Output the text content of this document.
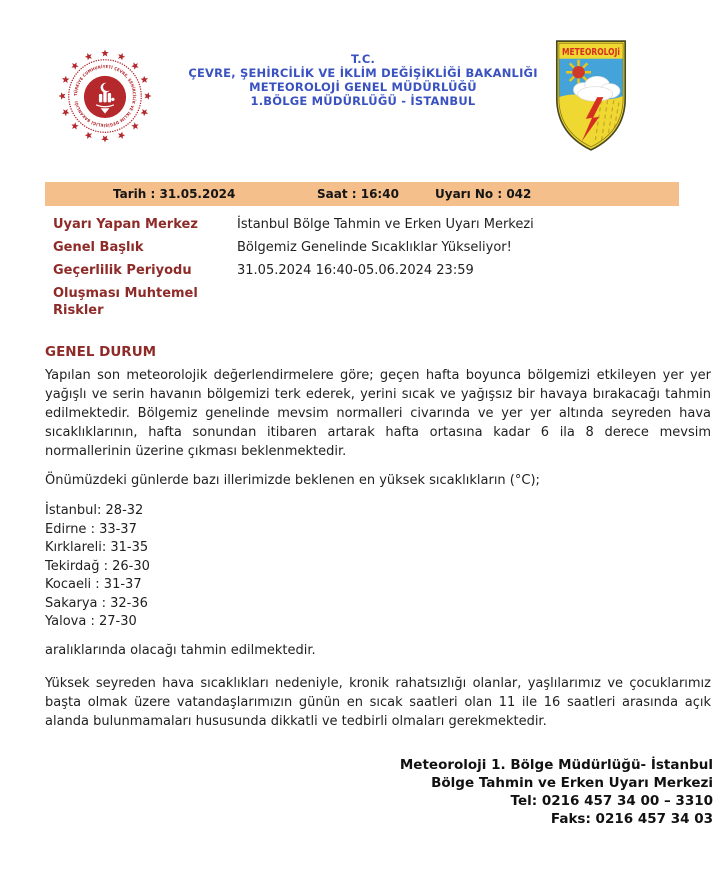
TÜRKİYE CUMHURİYETİ ÇEVRE, ŞEHİRCİLİK VE İKLİM DEĞİŞİKLİĞİ BAKANLIĞI
T.C.
ÇEVRE, ŞEHİRCİLİK VE İKLİM DEĞİŞİKLİĞİ BAKANLIĞI
METEOROLOJİ GENEL MÜDÜRLÜĞÜ
1.BÖLGE MÜDÜRLÜĞÜ - İSTANBUL
METEOROLOJi
Tarih : 31.05.2024	Saat : 16:40	Uyarı No : 042
Uyarı Yapan Merkez	İstanbul Bölge Tahmin ve Erken Uyarı Merkezi
Genel Başlık	Bölgemiz Genelinde Sıcaklıklar Yükseliyor!
Geçerlilik Periyodu	31.05.2024 16:40-05.06.2024 23:59
Oluşması Muhtemel Riskler
GENEL DURUM
Yapılan son meteorolojik değerlendirmelere göre; geçen hafta boyunca bölgemizi etkileyen yer yer yağışlı ve serin havanın bölgemizi terk ederek, yerini sıcak ve yağışsız bir havaya bırakacağı tahmin edilmektedir. Bölgemiz genelinde mevsim normalleri civarında ve yer yer altında seyreden hava sıcaklıklarının, hafta sonundan itibaren artarak hafta ortasına kadar 6 ila 8 derece mevsim normallerinin üzerine çıkması beklenmektedir.
Önümüzdeki günlerde bazı illerimizde beklenen en yüksek sıcaklıkların (°C);
İstanbul: 28-32
Edirne : 33-37
Kırklareli: 31-35
Tekirdağ : 26-30
Kocaeli : 31-37
Sakarya : 32-36
Yalova : 27-30
aralıklarında olacağı tahmin edilmektedir.
Yüksek seyreden hava sıcaklıkları nedeniyle, kronik rahatsızlığı olanlar, yaşlılarımız ve çocuklarımız başta olmak üzere vatandaşlarımızın günün en sıcak saatleri olan 11 ile 16 saatleri arasında açık alanda bulunmamaları hususunda dikkatli ve tedbirli olmaları gerekmektedir.
Meteoroloji 1. Bölge Müdürlüğü- İstanbul
Bölge Tahmin ve Erken Uyarı Merkezi
Tel: 0216 457 34 00 – 3310
Faks: 0216 457 34 03
